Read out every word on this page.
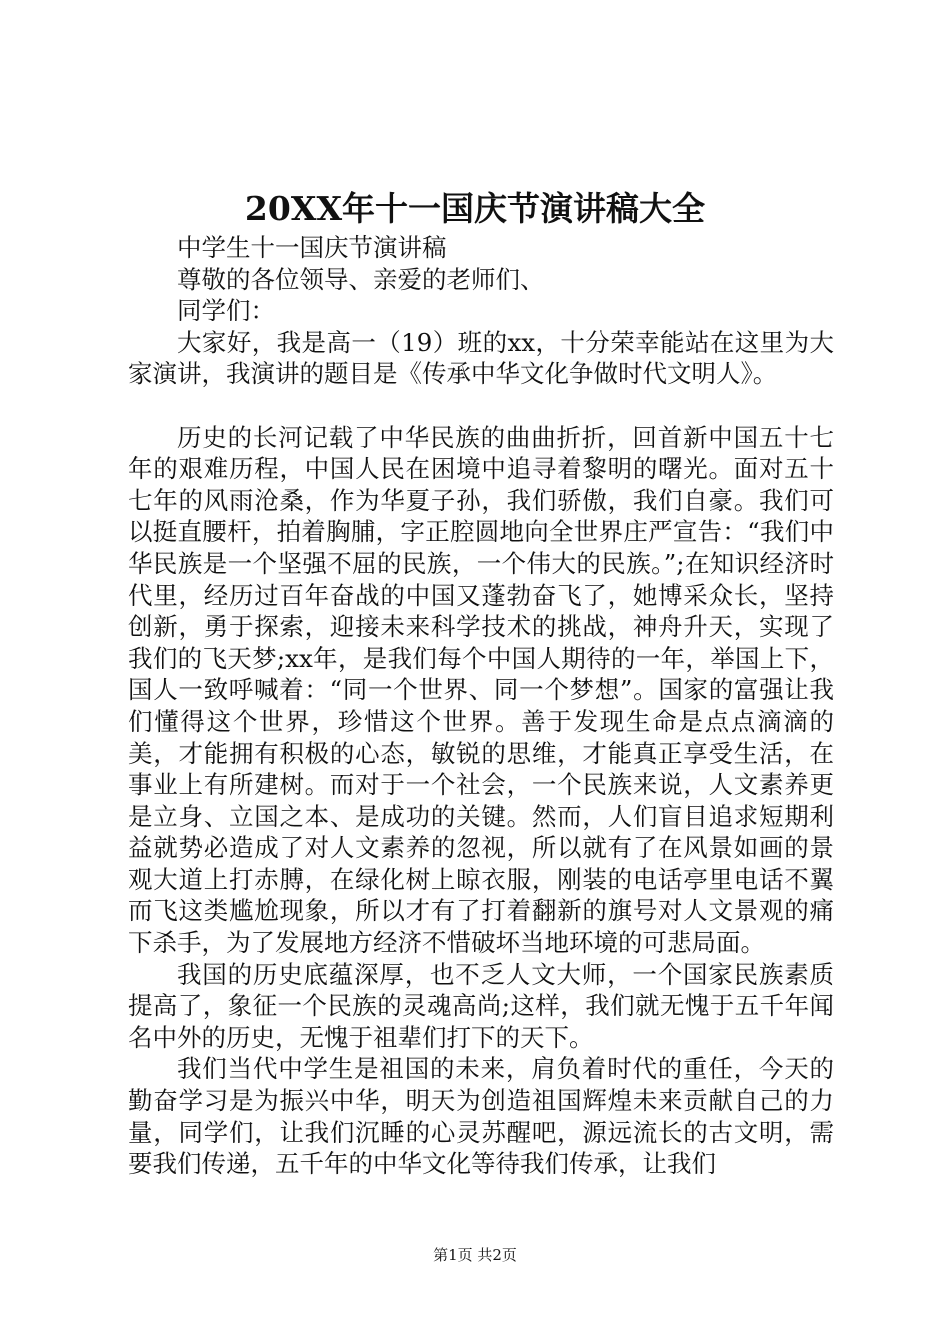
20XX年十一国庆节演讲稿大全

中学生十一国庆节演讲稿

尊敬的各位领导、亲爱的老师们、

同学们：

大家好，我是高一（19）班的xx，十分荣幸能站在这里为大家演讲，我演讲的题目是《传承中华文化争做时代文明人》。

历史的长河记载了中华民族的曲曲折折，回首新中国五十七年的艰难历程，中国人民在困境中追寻着黎明的曙光。面对五十七年的风雨沧桑，作为华夏子孙，我们骄傲，我们自豪。我们可以挺直腰杆，拍着胸脯，字正腔圆地向全世界庄严宣告：“我们中华民族是一个坚强不屈的民族，一个伟大的民族。”;在知识经济时代里，经历过百年奋战的中国又蓬勃奋飞了，她博采众长，坚持创新，勇于探索，迎接未来科学技术的挑战，神舟升天，实现了我们的飞天梦;xx年，是我们每个中国人期待的一年，举国上下，国人一致呼喊着：“同一个世界、同一个梦想”。国家的富强让我们懂得这个世界，珍惜这个世界。善于发现生命是点点滴滴的美，才能拥有积极的心态，敏锐的思维，才能真正享受生活，在事业上有所建树。而对于一个社会，一个民族来说，人文素养更是立身、立国之本、是成功的关键。然而，人们盲目追求短期利益就势必造成了对人文素养的忽视，所以就有了在风景如画的景观大道上打赤膊，在绿化树上晾衣服，刚装的电话亭里电话不翼而飞这类尴尬现象，所以才有了打着翻新的旗号对人文景观的痛下杀手，为了发展地方经济不惜破坏当地环境的可悲局面。

我国的历史底蕴深厚，也不乏人文大师，一个国家民族素质提高了，象征一个民族的灵魂高尚;这样，我们就无愧于五千年闻名中外的历史，无愧于祖辈们打下的天下。

我们当代中学生是祖国的未来，肩负着时代的重任，今天的勤奋学习是为振兴中华，明天为创造祖国辉煌未来贡献自己的力量，同学们，让我们沉睡的心灵苏醒吧，源远流长的古文明，需要我们传递，五千年的中华文化等待我们传承，让我们

第1页 共2页
